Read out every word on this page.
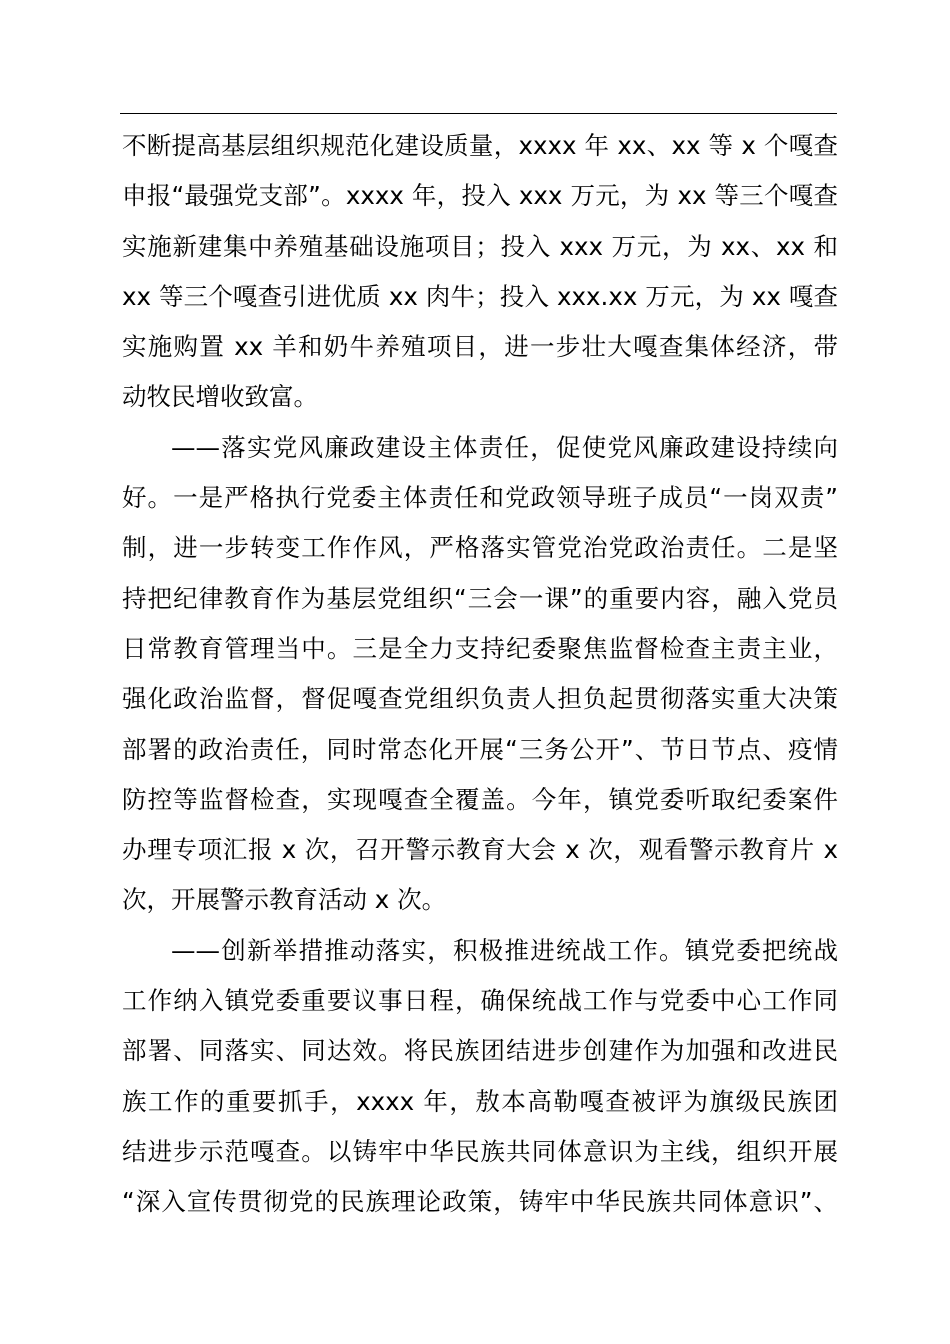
不断提高基层组织规范化建设质量，xxxx 年 xx、xx 等 x 个嘎查
申报“最强党支部”。xxxx 年，投入 xxx 万元，为 xx 等三个嘎查
实施新建集中养殖基础设施项目；投入 xxx 万元，为 xx、xx 和
xx 等三个嘎查引进优质 xx 肉牛；投入 xxx.xx 万元，为 xx 嘎查
实施购置 xx 羊和奶牛养殖项目，进一步壮大嘎查集体经济，带
动牧民增收致富。
——落实党风廉政建设主体责任，促使党风廉政建设持续向
好。一是严格执行党委主体责任和党政领导班子成员“一岗双责”
制，进一步转变工作作风，严格落实管党治党政治责任。二是坚
持把纪律教育作为基层党组织“三会一课”的重要内容，融入党员
日常教育管理当中。三是全力支持纪委聚焦监督检查主责主业，
强化政治监督，督促嘎查党组织负责人担负起贯彻落实重大决策
部署的政治责任，同时常态化开展“三务公开”、节日节点、疫情
防控等监督检查，实现嘎查全覆盖。今年，镇党委听取纪委案件
办理专项汇报 x 次，召开警示教育大会 x 次，观看警示教育片 x
次，开展警示教育活动 x 次。
——创新举措推动落实，积极推进统战工作。镇党委把统战
工作纳入镇党委重要议事日程，确保统战工作与党委中心工作同
部署、同落实、同达效。将民族团结进步创建作为加强和改进民
族工作的重要抓手，xxxx 年，敖本高勒嘎查被评为旗级民族团
结进步示范嘎查。以铸牢中华民族共同体意识为主线，组织开展
“深入宣传贯彻党的民族理论政策，铸牢中华民族共同体意识”、
